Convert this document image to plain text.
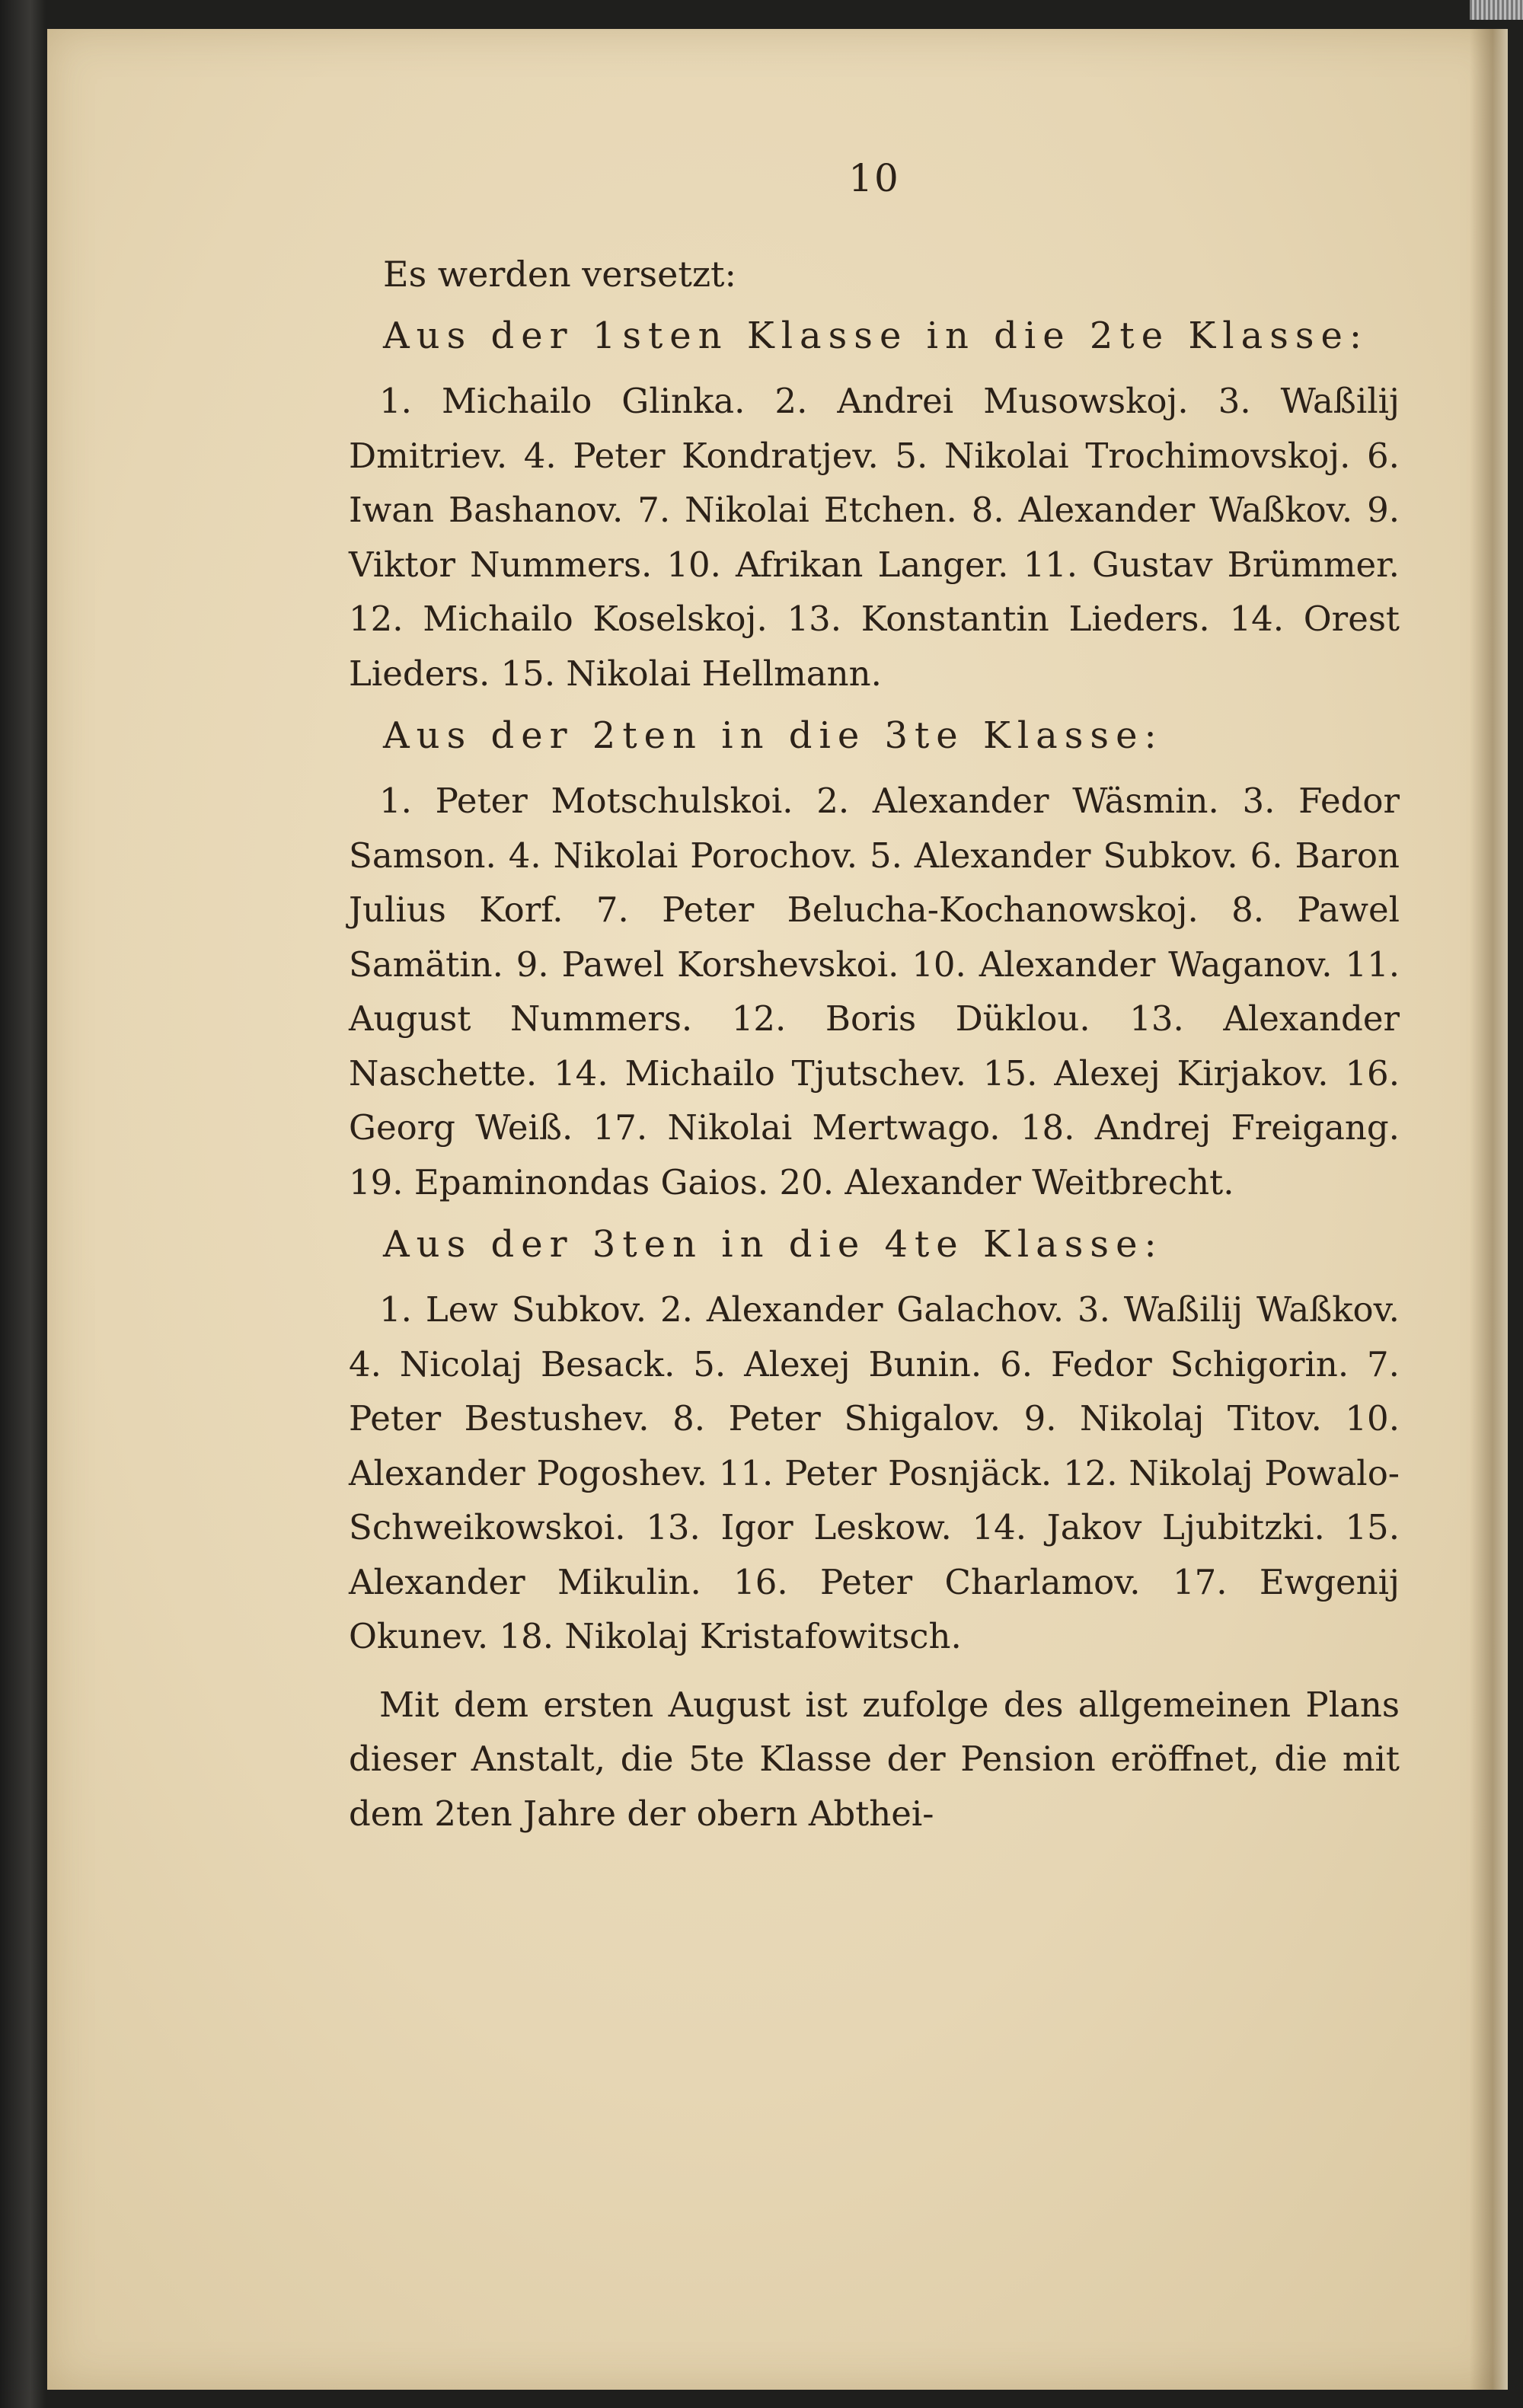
10
Es werden versetzt:
Aus der 1sten Klasse in die 2te Klasse:

1. Michailo Glinka. 2. Andrei Musowskoj. 3. Waßilij Dmitriev. 4. Peter Kondratjev. 5. Nikolai Trochimovskoj. 6. Iwan Bashanov. 7. Nikolai Etchen. 8. Alexander Waßkov. 9. Viktor Nummers. 10. Afrikan Langer. 11. Gustav Brümmer. 12. Michailo Koselskoj. 13. Konstantin Lieders. 14. Orest Lieders. 15. Nikolai Hellmann.

Aus der 2ten in die 3te Klasse:

1. Peter Motschulskoi. 2. Alexander Wäsmin. 3. Fedor Samson. 4. Nikolai Porochov. 5. Alexander Subkov. 6. Baron Julius Korf. 7. Peter Belucha-Kochanowskoj. 8. Pawel Samätin. 9. Pawel Korshevskoi. 10. Alexander Waganov. 11. August Nummers. 12. Boris Düklou. 13. Alexander Naschette. 14. Michailo Tjutschev. 15. Alexej Kirjakov. 16. Georg Weiß. 17. Nikolai Mertwago. 18. Andrej Freigang. 19. Epaminondas Gaios. 20. Alexander Weitbrecht.

Aus der 3ten in die 4te Klasse:

1. Lew Subkov. 2. Alexander Galachov. 3. Waßilij Waßkov. 4. Nicolaj Besack. 5. Alexej Bunin. 6. Fedor Schigorin. 7. Peter Bestushev. 8. Peter Shigalov. 9. Nikolaj Titov. 10. Alexander Pogoshev. 11. Peter Posnjäck. 12. Nikolaj Powalo-Schweikowskoi. 13. Igor Leskow. 14. Jakov Ljubitzki. 15. Alexander Mikulin. 16. Peter Charlamov. 17. Ewgenij Okunev. 18. Nikolaj Kristafowitsch.

Mit dem ersten August ist zufolge des allgemeinen Plans dieser Anstalt, die 5te Klasse der Pension eröffnet, die mit dem 2ten Jahre der obern Abthei-
